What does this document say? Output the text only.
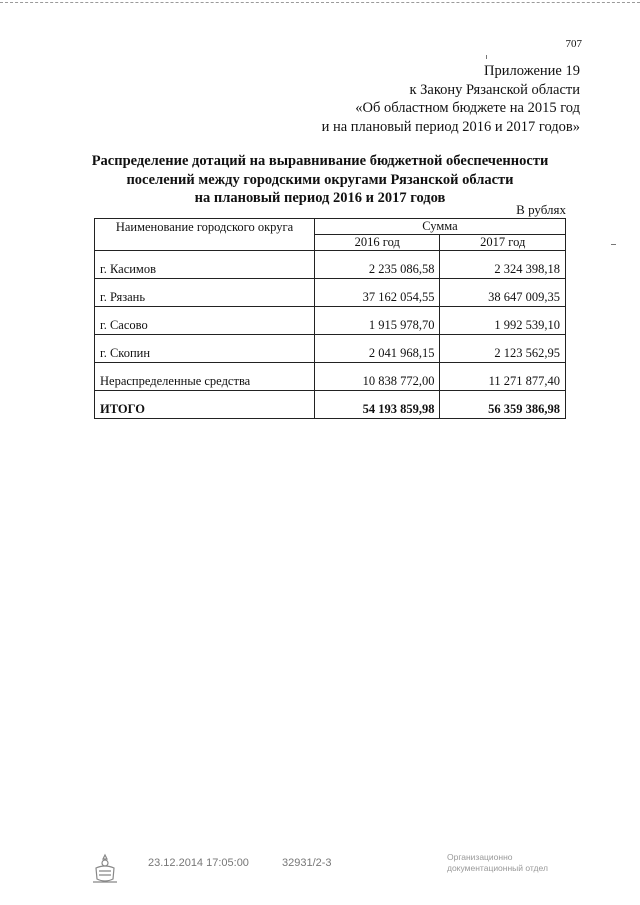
707
Приложение 19
к Закону Рязанской области
«Об областном бюджете на 2015 год
и на плановый период 2016 и 2017 годов»
Распределение дотаций на выравнивание бюджетной обеспеченности
поселений между городскими округами Рязанской области
на плановый период 2016 и 2017 годов
В рублях
Наименование городского округа	Сумма	
	2016 год	2017 год
г. Касимов	2 235 086,58	2 324 398,18
г. Рязань	37 162 054,55	38 647 009,35
г. Сасово	1 915 978,70	1 992 539,10
г. Скопин	2 041 968,15	2 123 562,95
Нераспределенные средства	10 838 772,00	11 271 877,40
ИТОГО	54 193 859,98	56 359 386,98
23.12.2014 17:05:00	32931/2-3	Организационно
документационный отдел
